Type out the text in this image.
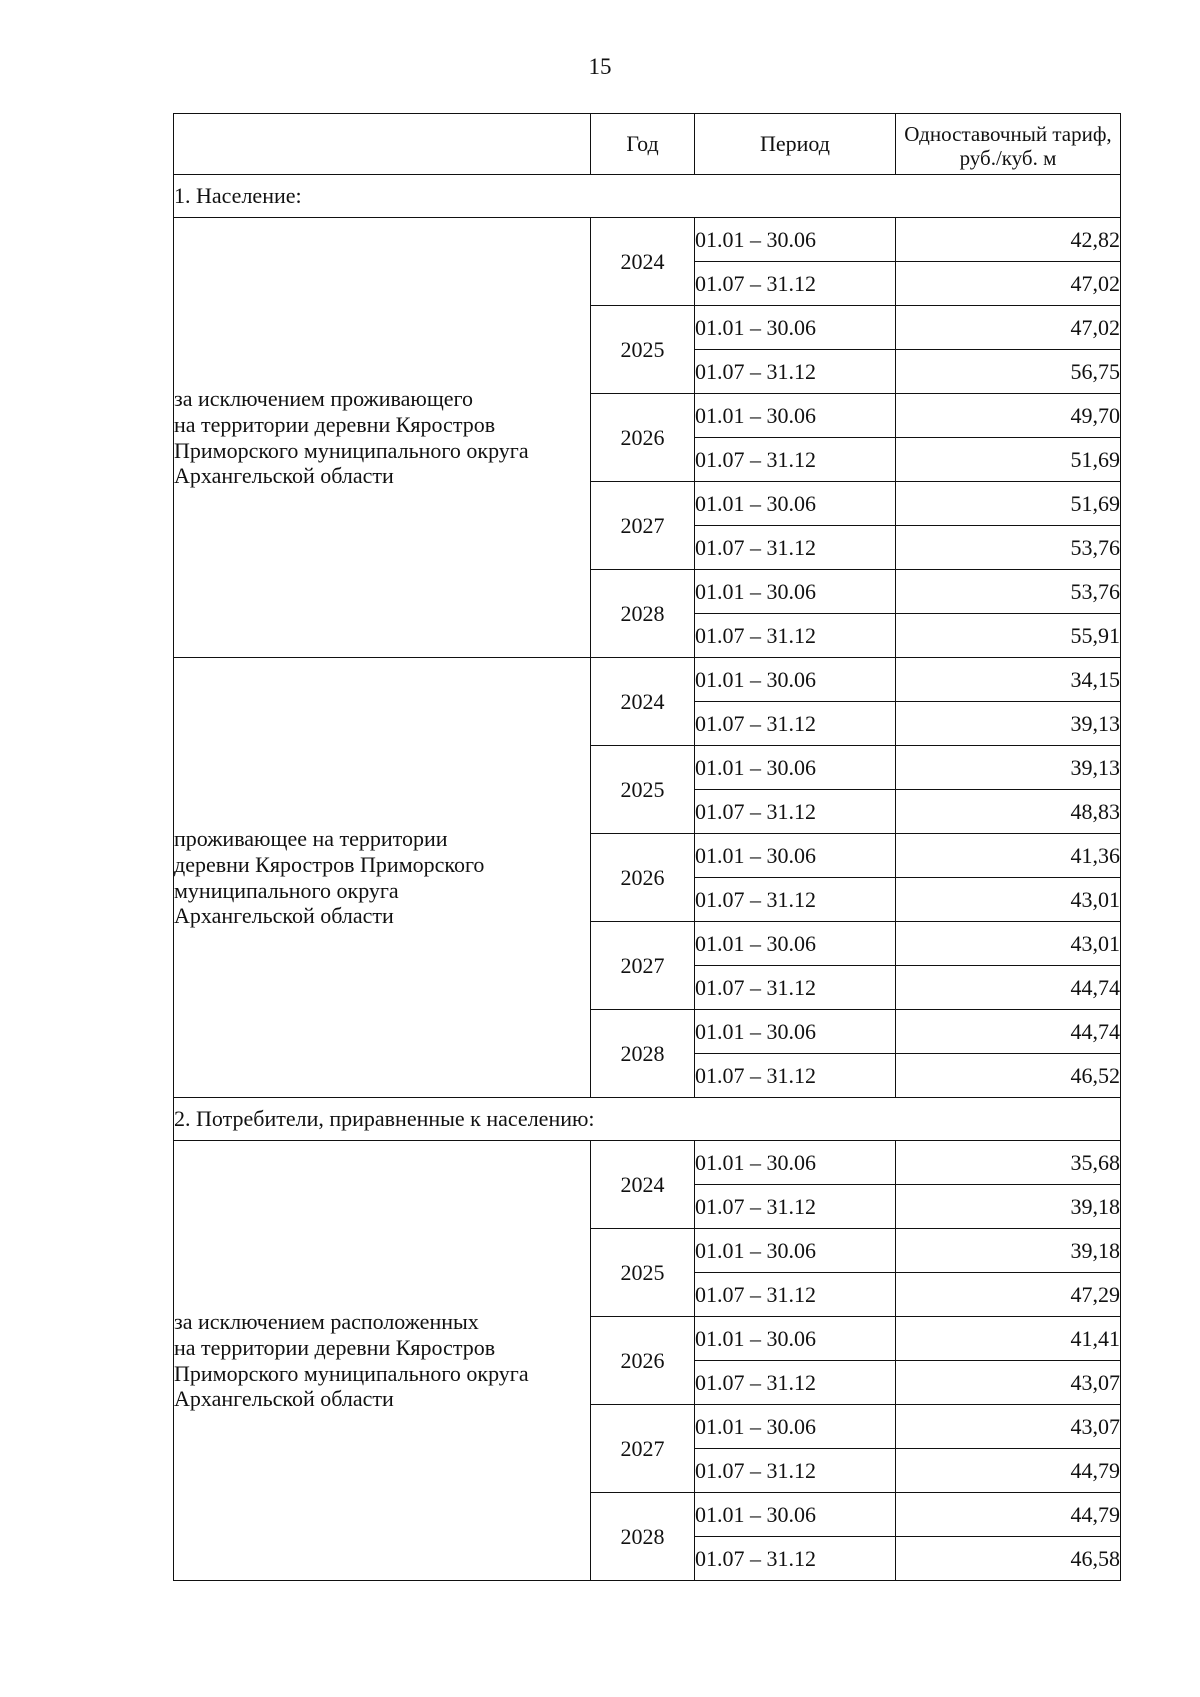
15
	Год	Период	Одноставочный тариф, руб./куб. м
1. Население:			

за исключением проживающего
на территории деревни Кяростров
Приморского муниципального округа
Архангельской области	2024	01.01 – 30.06	42,82
		01.07 – 31.12	47,02
	2025	01.01 – 30.06	47,02
		01.07 – 31.12	56,75
	2026	01.01 – 30.06	49,70
		01.07 – 31.12	51,69
	2027	01.01 – 30.06	51,69
		01.07 – 31.12	53,76
	2028	01.01 – 30.06	53,76
		01.07 – 31.12	55,91

проживающее на территории
деревни Кяростров Приморского
муниципального округа
Архангельской области	2024	01.01 – 30.06	34,15
		01.07 – 31.12	39,13
	2025	01.01 – 30.06	39,13
		01.07 – 31.12	48,83
	2026	01.01 – 30.06	41,36
		01.07 – 31.12	43,01
	2027	01.01 – 30.06	43,01
		01.07 – 31.12	44,74
	2028	01.01 – 30.06	44,74
		01.07 – 31.12	46,52
2. Потребители, приравненные к населению:			

за исключением расположенных
на территории деревни Кяростров
Приморского муниципального округа
Архангельской области	2024	01.01 – 30.06	35,68
		01.07 – 31.12	39,18
	2025	01.01 – 30.06	39,18
		01.07 – 31.12	47,29
	2026	01.01 – 30.06	41,41
		01.07 – 31.12	43,07
	2027	01.01 – 30.06	43,07
		01.07 – 31.12	44,79
	2028	01.01 – 30.06	44,79
		01.07 – 31.12	46,58
